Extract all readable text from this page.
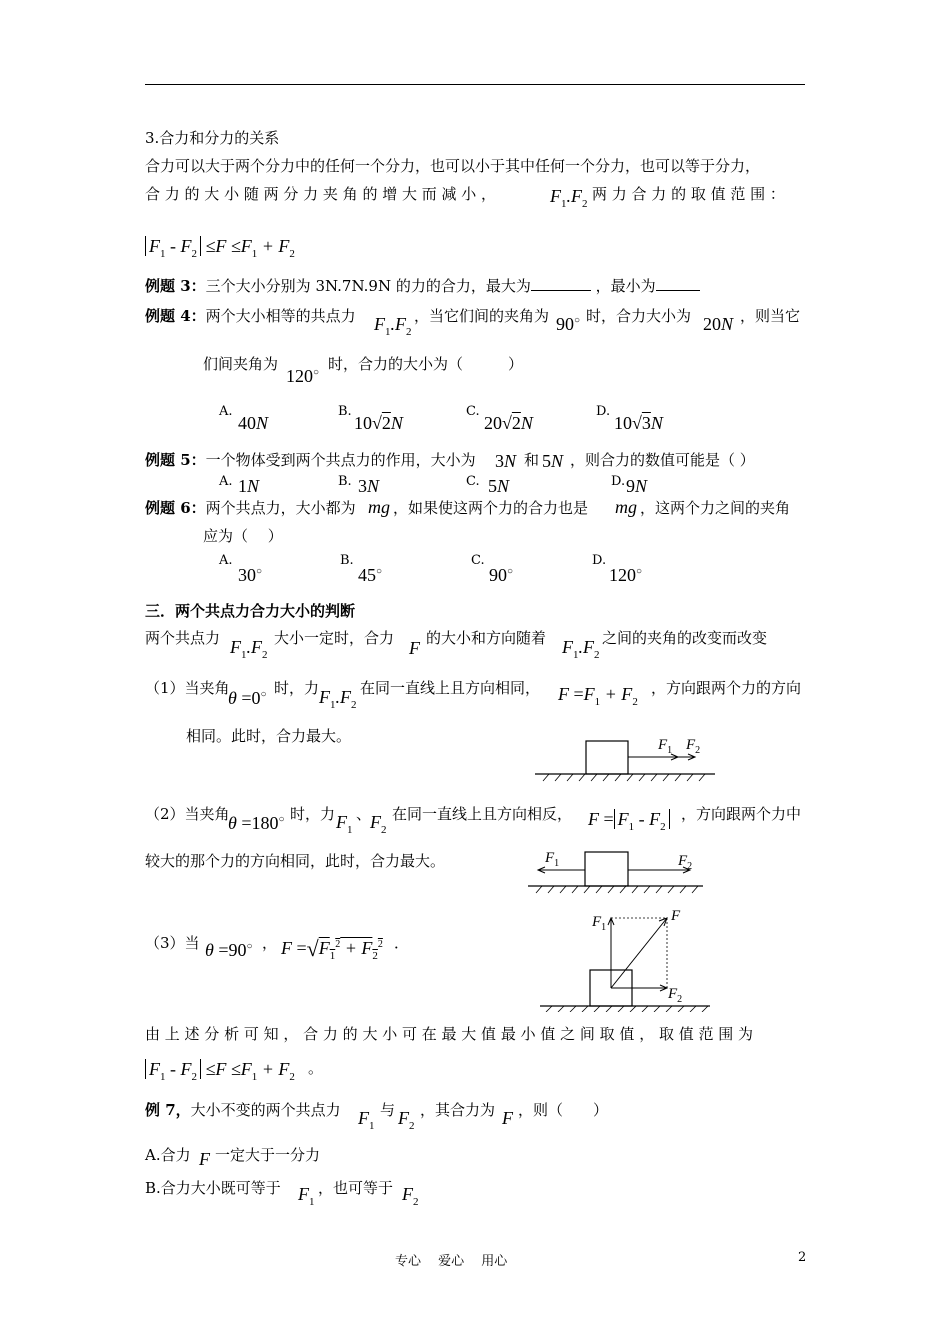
3.合力和分力的关系
合力可以大于两个分力中的任何一个分力，也可以小于其中任何一个分力，也可以等于分力，
合 力 的 大 小 随 两 分 力 夹 角 的 增 大 而 减 小 ，	$F_1.F_2$
两 力 合 力 的 取 值 范 围 ：
$F_1 - F_2 \le F \le F_1 + F_2$
例题 3：三个大小分别为 3N.7N.9N 的力的合力，最大为	，最小为
例题 4：两个大小相等的共点力 $F_1.F_2$
，当它们间的夹角为 90○ 时，合力大小为 20N ，则当它
们间夹角为
120○ 时，合力的大小为（　　　）
A.
40N
B.
10√2N
C.
20√2N
D.
10√3N
例题 5：一个物体受到两个共点力的作用，大小为 3N 和 5N ，则合力的数值可能是（ ）
A. 1N	B. 3N	C. 5N	D. 9N
例题 6：两个共点力，大小都为 mg ，如果使这两个力的合力也是 mg ，这两个力之间的夹角
应为（　 ）
A.
30○
B.
45○
C.
90○
D.
120○
三．两个共点力合力大小的判断
两个共点力 $F_1.F_2$
大小一定时，合力 F 的大小和方向随着 $F_1.F_2$
之间的夹角的改变而改变
（1）当夹角
θ =0○ 时，力 $F_1.F_2$
在同一直线上且方向相同， $F =F_1 + F_2$
，方向跟两个力的方向
相同。此时，合力最大。	$F_1$ $F_2$
（2）当夹角
θ =180○ 时，力 $F_1$
、
$F_2$
在同一直线上且方向相反， $F = F_1 - F_2$
，方向跟两个力中
较大的那个力的方向相同，此时，合力最大。	$F_1$	$F_2$
（3）当 θ =90○ ， $F =√F_1^2 + F_2^2$ ．
$F_1$
F
$F_2$
由 上 述 分 析 可 知 ， 合 力 的 大 小 可 在 最 大 值 最 小 值 之 间 取 值 ， 取 值 范 围 为
$F_1 - F_2 \le F \le F_1 + F_2$ 。
例 7，大小不变的两个共点力 $F_1$
与 $F_2$
，其合力为 F ，则（　　）
A.合力 F 一定大于一分力
B.合力大小既可等于 $F_1$
，也可等于 $F_2$
专心　 爱心　 用心	2
